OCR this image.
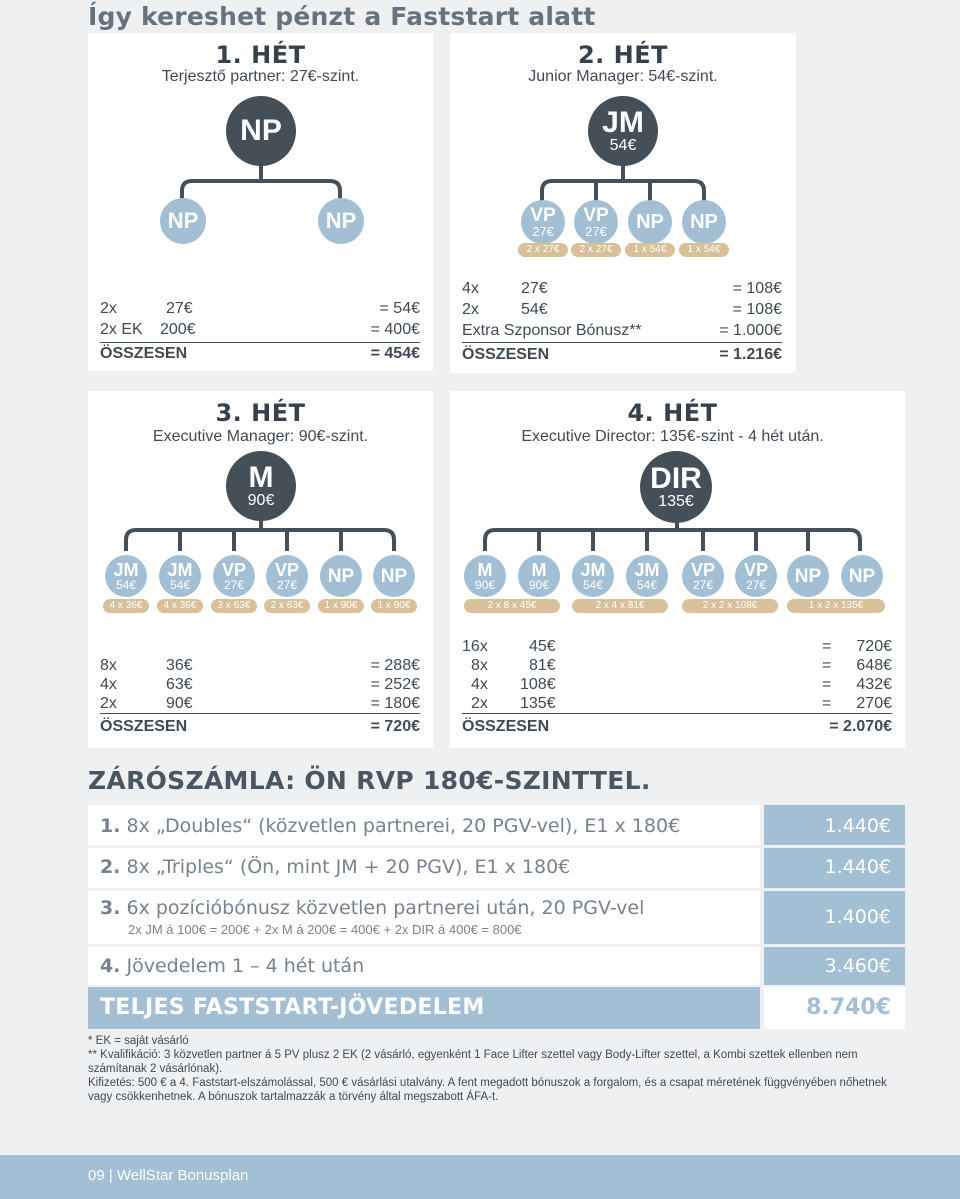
Így kereshet pénzt a Faststart alatt
1. HÉT
Terjesztő partner: 27€-szint.
NP
NP	NP
2x	27€	= 54€
2x EK 200€	= 400€
ÖSSZESEN	= 454€
2. HÉT
Junior Manager: 54€-szint.
JM
54€
VP
27€
VP
27€ NP NP
2 x 27€	2 x 27€	1 x 54€	1 x 54€
4x	27€	= 108€
2x	54€	= 108€
Extra Szponsor Bónusz**	= 1.000€
ÖSSZESEN	= 1.216€
3. HÉT
Executive Manager: 90€-szint.
M
90€
JM
54€
JM
54€
VP
27€
VP
27€ NP NP
4 x 36€	4 x 36€	2 x 63€	2 x 63€	1 x 90€	1 x 90€
8x	36€	= 288€
4x	63€	= 252€
2x	90€	= 180€
ÖSSZESEN	= 720€
4. HÉT
Executive Director: 135€-szint - 4 hét után.
DIR
135€
M
90€
M
90€
JM
54€
JM
54€
VP
27€
VP
27€ NP NP
2 x 8 x 45€	2 x 4 x 81€	2 x 2 x 108€	1 x 2 x 135€
16x	45€	= 720€
8x	81€	= 648€
4x 108€	= 432€
2x 135€	= 270€
ÖSSZESEN	= 2.070€
ZÁRÓSZÁMLA: ÖN RVP 180€-SZINTTEL.
1. 8x „Doubles“ (közvetlen partnerei, 20 PGV-vel), E1 x 180€	1.440€
2. 8x „Triples“ (Ön, mint JM + 20 PGV), E1 x 180€	1.440€
3. 6x pozícióbónusz közvetlen partnerei után, 20 PGV-vel
2x JM á 100€ = 200€ + 2x M á 200€ = 400€ + 2x DIR á 400€ = 800€
1.400€
4. Jövedelem 1 – 4 hét után	3.460€
TELJES FASTSTART-JÖVEDELEM	8.740€

* EK = saját vásárló

** Kvalifikáció: 3 közvetlen partner á 5 PV plusz 2 EK (2 vásárló, egyenként 1 Face Lifter szettel vagy Body-Lifter szettel, a Kombi szettek ellenben nem számítanak 2 vásárlónak).

Kifizetés: 500 € a 4. Faststart-elszámolással, 500 € vásárlási utalvány. A fent megadott bónuszok a forgalom, és a csapat méretének függvényében nőhetnek vagy csökkenhetnek. A bónuszok tartalmazzák a törvény által megszabott ÁFA-t.

09 | WellStar Bonusplan
